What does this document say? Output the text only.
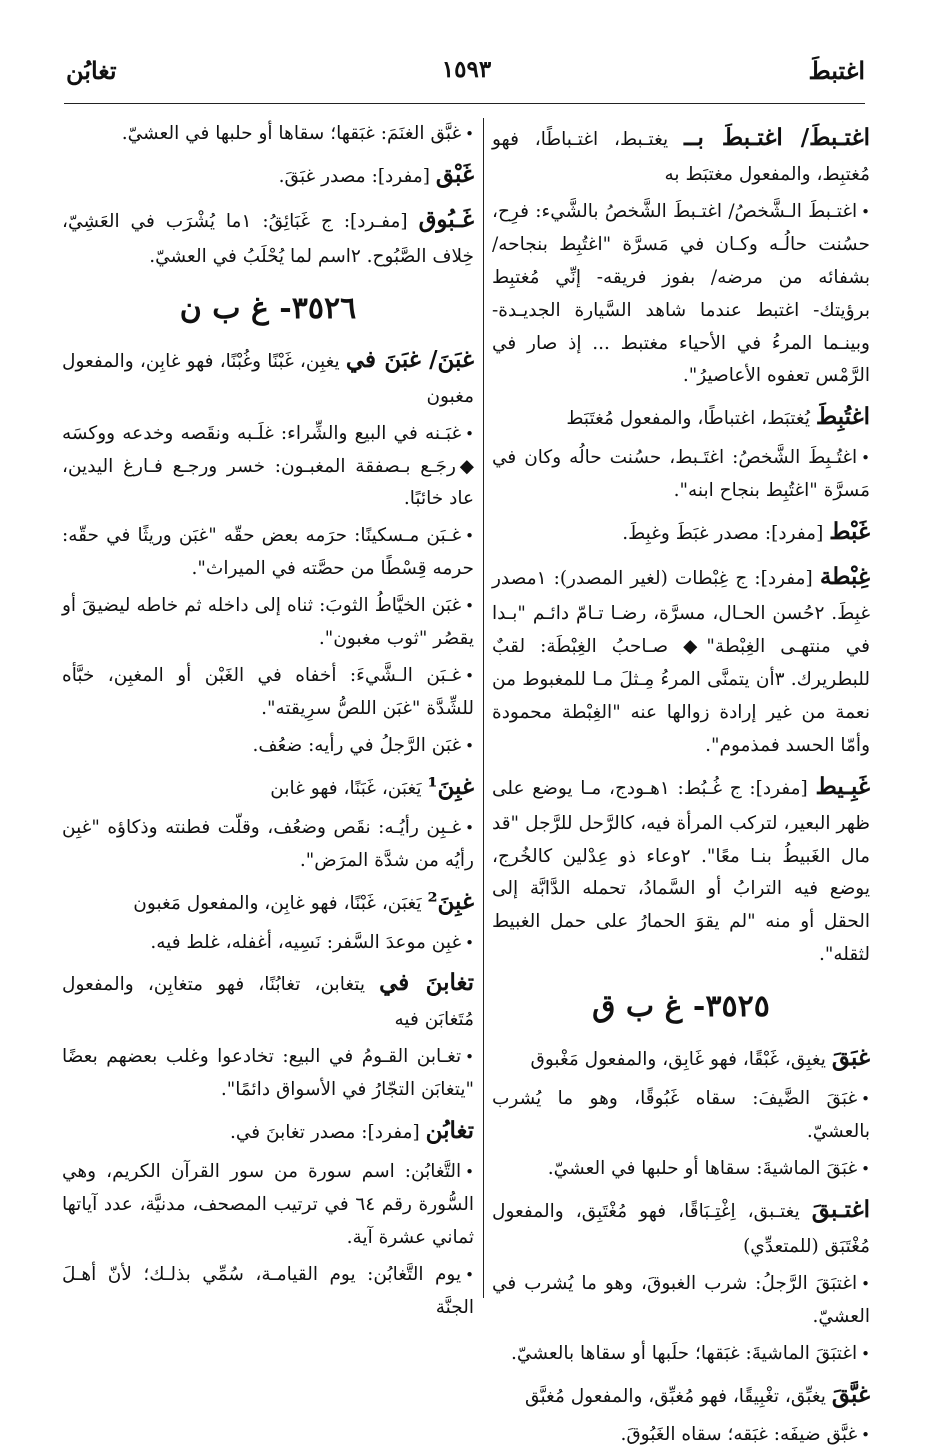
اغتبطَ
١٥٩٣
تغابُن
اغتـبطَ/ اغتـبطَ بــ يغتـبط، اغتـباطًا، فهو مُغتبِط، والمفعول مغتبَط به
•اغتـبطَ الـشَّخصُ/ اغتـبطَ الشَّخصُ بالشَّيء: فرِح، حسُنت حالُـه وكـان في مَسرَّة "اغتُبِط بنجاحه/ بشفائه من مرضه/ بفوز فريقه- إنِّي مُغتبِط برؤيتك- اغتبط عندما شاهد السَّيارة الجديـدة- وبينـما المرءُ في الأحياء مغتبط ... إذ صار في الرَّمْس تعفوه الأعاصيرُ".
اغتُبِطَ يُغتبَط، اغتباطًا، والمفعول مُغتَبَط
•اغتُـبِطَ الشَّخصُ: اغتَـبط، حسُنت حالُه وكان في مَسرَّة "اغتُبِط بنجاح ابنه".
غَبْط [مفرد]: مصدر غبَطَ وغبِطَ.
غِبْطة [مفرد]: ج غِبْطات (لغير المصدر): ١مصدر غبِطَ. ٢حُسن الحـال، مسرَّة، رضـا تـامّ دائـم "بـدا في منتهـى الغِبْطة"◆ صـاحبُ الغِبْطَة: لقبٌ للبطريرك. ٣أن يتمنَّى المرءُ مِـثلَ مـا للمغبوط من نعمة من غير إرادة زوالها عنه "الغِبْطة محمودة وأمّا الحسد فمذموم".
غَبِـيط [مفرد]: ج غُـبُط: ١هـودج، مـا يوضع على ظهر البعير، لتركب المرأة فيه، كالرَّحل للرَّجل "قد مال الغَبيطُ بنـا معًا". ٢وعاء ذو عِدْلين كالخُرج، يوضع فيه الترابُ أو السَّمادُ، تحمله الدَّابَّة إلى الحقل أو منه "لم يقوَ الحمارُ على حمل الغبيط لثقله".
٣٥٢٥- غ ب ق
غبَقَ يغبِق، غَبْقًا، فهو غَابِق، والمفعول مَغْبوق
•غبَقَ الضَّيفَ: سقاه غَبُوقًا، وهو ما يُشرب بالعشيّ.
•غبَقَ الماشيةَ: سقاها أو حلبها في العشيّ.
اغتـبقَ يغتـبق، اِغْتِـبَاقًا، فهو مُغْتَبِق، والمفعول مُغْتَبَق (للمتعدِّي)
•اغتبَقَ الرَّجلُ: شرب الغبوقَ، وهو ما يُشرب في العشيّ.
•اغتبَقَ الماشيةَ: غبَقها؛ حلَبها أو سقاها بالعشيّ.
غبَّقَ يغبِّق، تغْبِيقًا، فهو مُغبِّق، والمفعول مُغبَّق
•غبَّق ضيفَه: غبَقه؛ سقاه الغَبُوقَ.
•غبَّق الغنَمَ: غبَقها؛ سقاها أو حلبها في العشيّ.
غَبْق [مفرد]: مصدر غبَقَ.
غَـبُوق [مفـرد]: ج غَبَائِقُ: ١ما يُشْرَب في العَشِيّ، خِلاف الصَّبُوح. ٢اسم لما يُحْلَبُ في العشيّ.
٣٥٢٦- غ ب ن
غبَنَ/ غبَنَ في يغبِن، غَبْنًا وغُبْنًا، فهو غابِن، والمفعول مغبون
•غبَـنه في البيع والشِّراء: غلَـبه ونقَصه وخدعه ووكسَه ◆رجَـع بـصفقة المغبـون: خسر ورجـع فـارغ اليدين، عاد خائبًا.
•غـبَن مـسكينًا: حرَمه بعض حقّه "غبَن وريثًا في حقّه: حرمه قِسْطًا من حصَّته في الميراث".
•غبَن الخيَّاطُ الثوبَ: ثناه إلى داخله ثم خاطه ليضيقَ أو يقصُر "ثوب مغبون".
•غـبَن الـشَّيءَ: أخفاه في الغَبْن أو المغبِن، خبَّأه للشِّدَّة "غبَن اللصُّ سرِيقته".
•غبَن الرَّجلُ في رأيه: ضعُف.
غبِنَ¹ يَغبَن، غَبَنًا، فهو غابن
•غـبِن رأيُـه: نقَص وضعُف، وقلّت فطنته وذكاؤه "غبِن رأيُه من شدَّة المرَض".
غبِنَ² يَغبَن، غَبْنًا، فهو غابِن، والمفعول مَغبون
•غبِن موعدَ السَّفر: نَسِيه، أغفله، غلط فيه.
تغابنَ في يتغابن، تغابُنًا، فهو متغابِن، والمفعول مُتَغابَن فيه
•تغـابن القـومُ في البيع: تخادعوا وغلب بعضهم بعضًا "يتغابَن التجّارُ في الأسواق دائمًا".
تغابُن [مفرد]: مصدر تغابنَ في.
•التَّغابُن: اسم سورة من سور القرآن الكريم، وهي السُّورة رقم ٦٤ في ترتيب المصحف، مدنيَّة، عدد آياتها ثماني عشرة آية.
•يوم التَّغابُن: يوم القيامـة، سُمِّي بذلـك؛ لأنّ أهـلَ الجنَّة
